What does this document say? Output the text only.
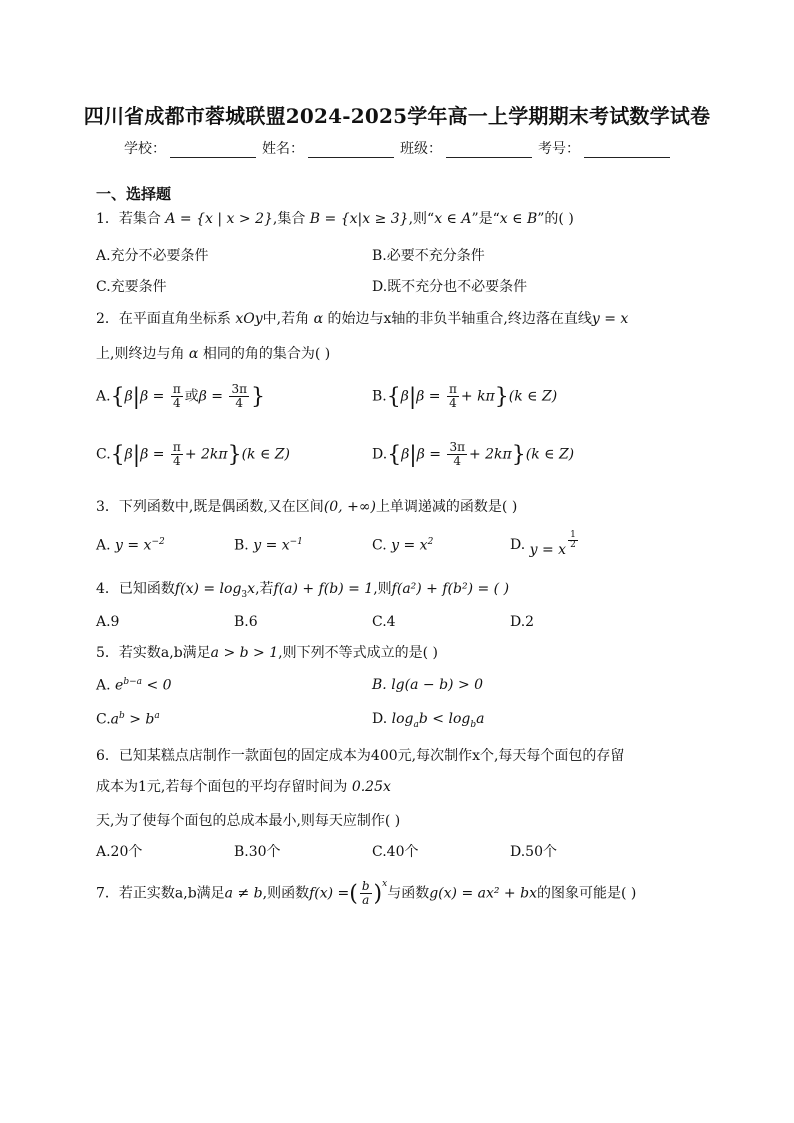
四川省成都市蓉城联盟2024-2025学年高一上学期期末考试数学试卷
学校：	姓名：	班级：	考号：
一、选择题
1．若集合 A = {x | x > 2},集合 B = {x|x ≥ 3},则“x ∈ A”是“x ∈ B”的( )
A.充分不必要条件	B.必要不充分条件
C.充要条件	D.既不充分也不必要条件
2．在平面直角坐标系 xOy中,若角 α 的始边与x轴的非负半轴重合,终边落在直线y = x
上,则终边与角 α 相同的角的集合为( )
$A.\{\beta|\beta = \frac{\pi}{4}$ 或$\beta = \frac{3\pi}{4}$ }	$B.\{\beta|\beta = \frac{\pi}{4} + k\pi\}(k$ ∈ Z)
$C.\{\beta|\beta = \frac{\pi}{4} + 2k\pi\}(k$ ∈ Z)	$D.\{\beta|\beta = \frac{3\pi}{4} + 2k\pi\}(k$ ∈ Z)
3．下列函数中,既是偶函数,又在区间(0, +∞)上单调递减的函数是( )
A. $y = x^{-2}$	B. $y = x^{-1}$	C. $y = x^2$	D. y = x $\frac{1}{2}$
4．已知函数$f(x) = \log_3x$,若f(a) + f(b) = 1,则f(a²) + f(b²) = ( )
A.9	B.6	C.4	D.2
5．若实数a,b满足a > b > 1,则下列不等式成立的是( )
A. $e^{b-a} < 0$	B. lg(a − b) > 0
$C.a^b > b^a$	D. $\log_ab < \log_ba$
6．已知某糕点店制作一款面包的固定成本为400元,每次制作x个,每天每个面包的存留
成本为1元,若每个面包的平均存留时间为 0.25x
天,为了使每个面包的总成本最小,则每天应制作( )
A.20个	B.30个	C.40个	D.50个
7．若正实数a,b满足a ≠ b,则函数f(x) =( $\frac{b}{a} )^x$与函数g(x) = ax² + bx的图象可能是( )
